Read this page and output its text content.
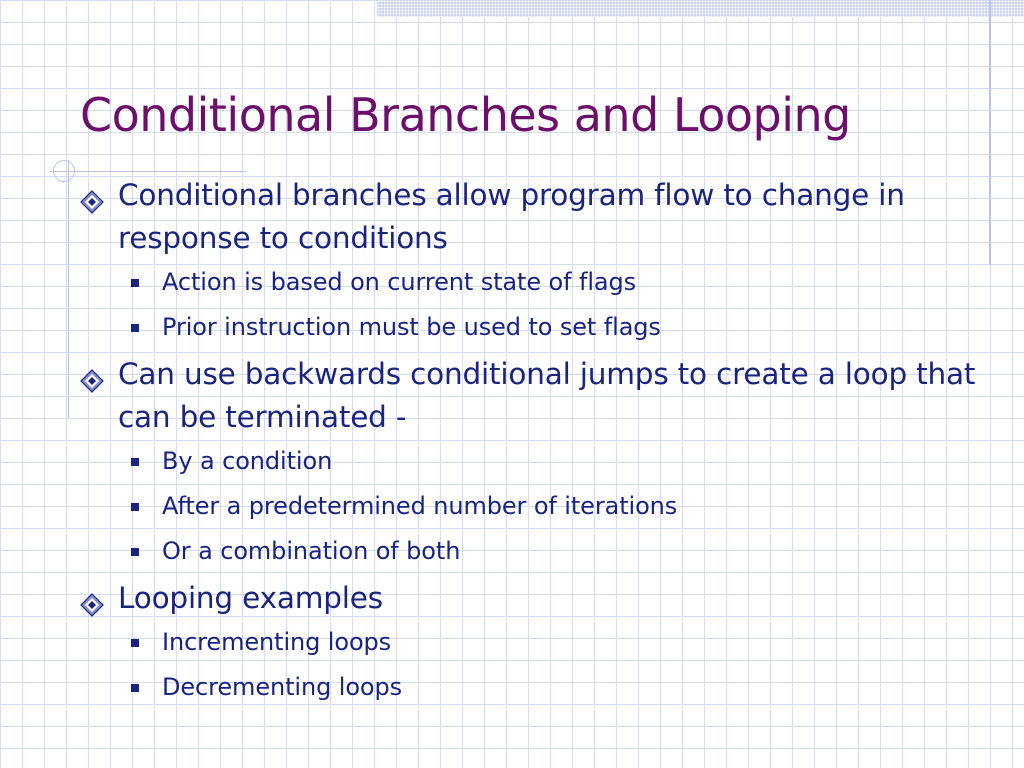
Conditional Branches and Looping
Conditional branches allow program flow to change in response to conditions
Action is based on current state of flags
Prior instruction must be used to set flags
Can use backwards conditional jumps to create a loop that can be terminated -
By a condition
After a predetermined number of iterations
Or a combination of both
Looping examples
Incrementing loops
Decrementing loops
